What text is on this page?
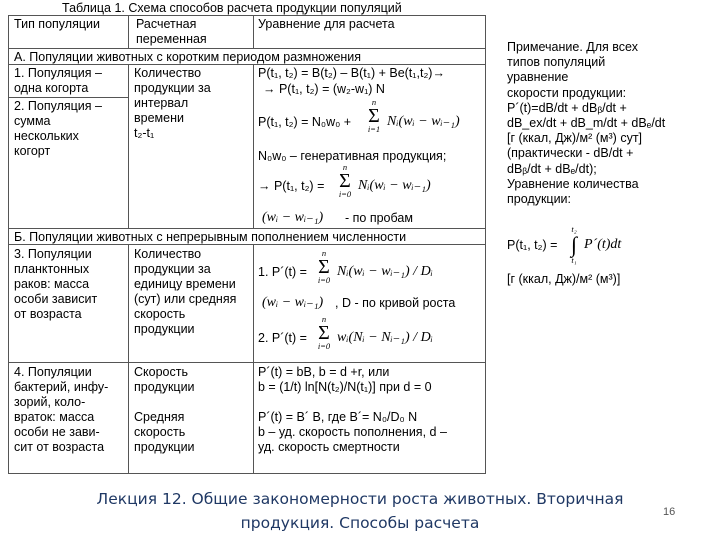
Таблица 1. Схема способов расчета продукции популяций
Тип популяции	Расчетная
переменная
Уравнение для расчета
А. Популяции животных с коротким периодом размножения
1. Популяция –
одна когорта
2. Популяция –
сумма
нескольких
когорт
Количество
продукции за
интервал
времени
t₂-t₁
P(t₁, t₂) = B(t₂) – B(t₁) + Be(t₁,t₂)→
→ P(t₁, t₂) = (w₂-w₁) N
P(t₁, t₂) = N₀w₀ +
n
Σ
i=1 Nᵢ(wᵢ − wᵢ₋₁)
N₀w₀ – генеративная продукция;
→ P(t₁, t₂) =
n
Σ
i=0
Nᵢ(wᵢ − wᵢ₋₁)
(wᵢ − wᵢ₋₁) - по пробам
Б. Популяции животных с непрерывным пополнением численности
3. Популяции
планктонных
раков: масса
особи зависит
от возраста
Количество
продукции за
единицу времени
(сут) или средняя
скорость
продукции
1. P´(t) =
n
Σ
i=0
Nᵢ(wᵢ − wᵢ₋₁) / Dᵢ
(wᵢ − wᵢ₋₁) , D - по кривой роста
2. P´(t) =
n
Σ
i=0
wᵢ(Nᵢ − Nᵢ₋₁) / Dᵢ
4. Популяции
бактерий, инфу-
зорий, коло-
враток: масса
особи не зави-
сит от возраста
Скорость
продукции

Средняя
скорость
продукции
P´(t) = bB, b = d +r, или
b = (1/t) ln[N(t₂)/N(t₁)] при d = 0

P´(t) = B´ B, где B´= N₀/D₀ N
b – уд. скорость пополнения, d –
уд. скорость смертности
Примечание. Для всех
типов популяций
уравнение
скорости продукции:
P´(t)=dB/dt + dBᵦ/dt +
dB_ex/dt + dB_m/dt + dBₑ/dt
[г (ккал, Дж)/м² (м³) сут]
(практически - dB/dt +
dBᵦ/dt + dBₑ/dt);
Уравнение количества
продукции:
P(t₁, t₂) =
t₂
∫
t₁
P´(t)dt
[г (ккал, Дж)/м² (м³)]
Лекция 12. Общие закономерности роста животных. Вторичная
продукция. Способы расчета
16
